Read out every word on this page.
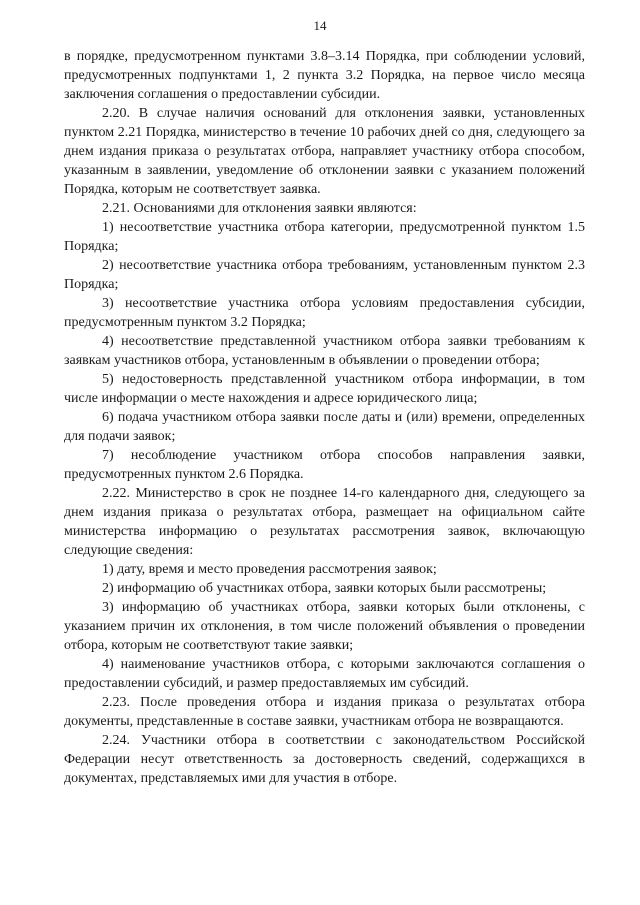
14

в порядке, предусмотренном пунктами 3.8–3.14 Порядка, при соблюдении условий, предусмотренных подпунктами 1, 2 пункта 3.2 Порядка, на первое число месяца заключения соглашения о предоставлении субсидии.

2.20. В случае наличия оснований для отклонения заявки, установленных пунктом 2.21 Порядка, министерство в течение 10 рабочих дней со дня, следующего за днем издания приказа о результатах отбора, направляет участнику отбора способом, указанным в заявлении, уведомление об отклонении заявки с указанием положений Порядка, которым не соответствует заявка.

2.21. Основаниями для отклонения заявки являются:

1) несоответствие участника отбора категории, предусмотренной пунктом 1.5 Порядка;

2) несоответствие участника отбора требованиям, установленным пунктом 2.3 Порядка;

3) несоответствие участника отбора условиям предоставления субсидии, предусмотренным пунктом 3.2 Порядка;

4) несоответствие представленной участником отбора заявки требованиям к заявкам участников отбора, установленным в объявлении о проведении отбора;

5) недостоверность представленной участником отбора информации, в том числе информации о месте нахождения и адресе юридического лица;

6) подача участником отбора заявки после даты и (или) времени, определенных для подачи заявок;

7) несоблюдение участником отбора способов направления заявки, предусмотренных пунктом 2.6 Порядка.

2.22. Министерство в срок не позднее 14-го календарного дня, следующего за днем издания приказа о результатах отбора, размещает на официальном сайте министерства информацию о результатах рассмотрения заявок, включающую следующие сведения:

1) дату, время и место проведения рассмотрения заявок;

2) информацию об участниках отбора, заявки которых были рассмотрены;

3) информацию об участниках отбора, заявки которых были отклонены, с указанием причин их отклонения, в том числе положений объявления о проведении отбора, которым не соответствуют такие заявки;

4) наименование участников отбора, с которыми заключаются соглашения о предоставлении субсидий, и размер предоставляемых им субсидий.

2.23. После проведения отбора и издания приказа о результатах отбора документы, представленные в составе заявки, участникам отбора не возвращаются.

2.24. Участники отбора в соответствии с законодательством Российской Федерации несут ответственность за достоверность сведений, содержащихся в документах, представляемых ими для участия в отборе.
